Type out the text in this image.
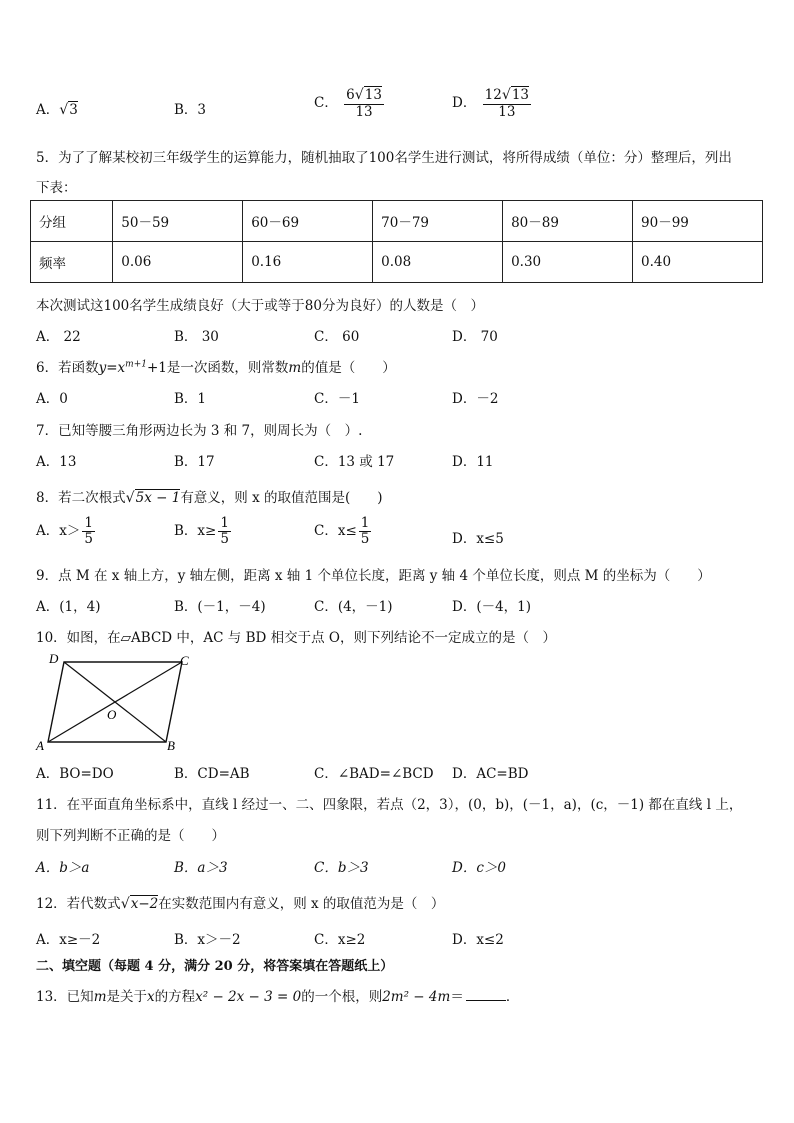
A．√3	B．3	C． $\frac{6√13}{13}$	D． $\frac{12√13}{13}$
5．为了了解某校初三年级学生的运算能力，随机抽取了100名学生进行测试，将所得成绩（单位：分）整理后，列出
下表：
分组	50－59	60－69	70－79	80－89	90－99
频率	0.06	0.16	0.08	0.30	0.40
本次测试这100名学生成绩良好（大于或等于80分为良好）的人数是（　）
A． 22	B． 30	C． 60	D． 70
6．若函数$y=x^{m+1}+1$是一次函数，则常数m的值是（　　）
A．0	B．1	C．－1	D．－2
7．已知等腰三角形两边长为 3 和 7，则周长为（　）.
A．13	B．17	C．13 或 17	D．11
8．若二次根式√5x − 1有意义，则 x 的取值范围是(　　)
A．$x> \frac{1}{5}$	B．$x\ge \frac{1}{5}$	C．$x\le \frac{1}{5}$	D．x≤5
9．点 M 在 x 轴上方，y 轴左侧，距离 x 轴 1 个单位长度，距离 y 轴 4 个单位长度，则点 M 的坐标为（　　）
A．(1，4)	B．(－1，－4)	C．(4，－1)	D．(－4，1)
10．如图，在▱ABCD 中，AC 与 BD 相交于点 O，则下列结论不一定成立的是（　）
D	C
O
A	B
A．BO=DO	B．CD=AB	C．∠BAD=∠BCD D．AC=BD
11．在平面直角坐标系中，直线 l 经过一、二、四象限，若点（2，3），(0，b)，(－1，a)，(c，－1) 都在直线 l 上，
则下列判断不正确的是（　　）
A．b＞a	B．a＞3	C．b＞3	D．c＞0
12．若代数式√x−2在实数范围内有意义，则 x 的取值范为是（　）
A．x≥－2	B．x＞－2	C．x≥2	D．x≤2
二、填空题（每题 4 分，满分 20 分，将答案填在答题纸上）
13．已知m是关于x的方程x² − 2x − 3 = 0的一个根，则2m² − 4m＝	．
